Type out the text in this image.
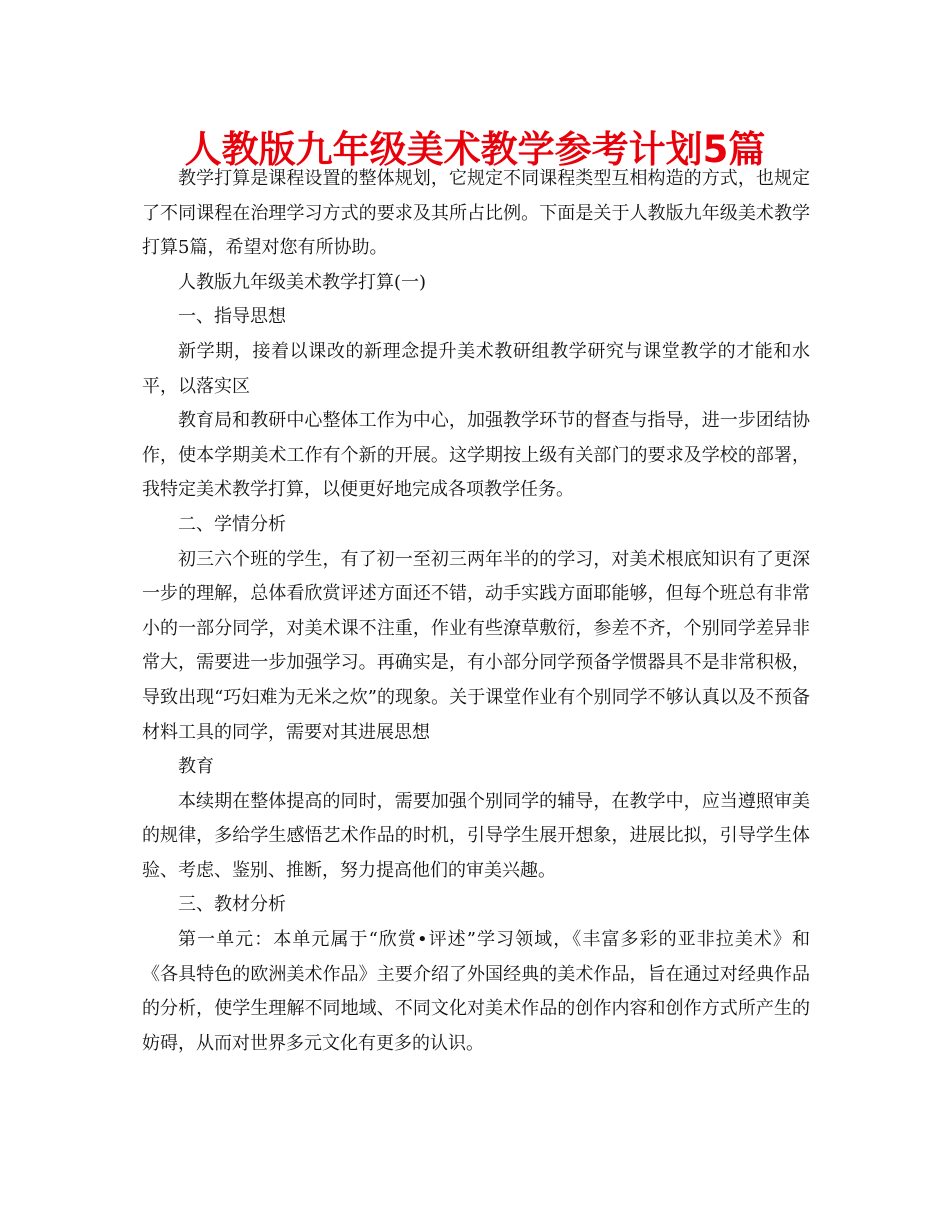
人教版九年级美术教学参考计划5篇

教学打算是课程设置的整体规划，它规定不同课程类型互相构造的方式，也规定了不同课程在治理学习方式的要求及其所占比例。下面是关于人教版九年级美术教学打算5篇，希望对您有所协助。

人教版九年级美术教学打算(一)

一、指导思想

新学期，接着以课改的新理念提升美术教研组教学研究与课堂教学的才能和水平，以落实区

教育局和教研中心整体工作为中心，加强教学环节的督查与指导，进一步团结协作，使本学期美术工作有个新的开展。这学期按上级有关部门的要求及学校的部署，我特定美术教学打算，以便更好地完成各项教学任务。

二、学情分析

初三六个班的学生，有了初一至初三两年半的的学习，对美术根底知识有了更深一步的理解，总体看欣赏评述方面还不错，动手实践方面耶能够，但每个班总有非常小的一部分同学，对美术课不注重，作业有些潦草敷衍，参差不齐，个别同学差异非常大，需要进一步加强学习。再确实是，有小部分同学预备学惯器具不是非常积极，导致出现“巧妇难为无米之炊”的现象。关于课堂作业有个别同学不够认真以及不预备材料工具的同学，需要对其进展思想

教育

本续期在整体提高的同时，需要加强个别同学的辅导，在教学中，应当遵照审美的规律，多给学生感悟艺术作品的时机，引导学生展开想象，进展比拟，引导学生体验、考虑、鉴别、推断，努力提高他们的审美兴趣。

三、教材分析

第一单元：本单元属于“欣赏•评述”学习领域，《丰富多彩的亚非拉美术》和《各具特色的欧洲美术作品》主要介绍了外国经典的美术作品，旨在通过对经典作品的分析，使学生理解不同地域、不同文化对美术作品的创作内容和创作方式所产生的妨碍，从而对世界多元文化有更多的认识。
